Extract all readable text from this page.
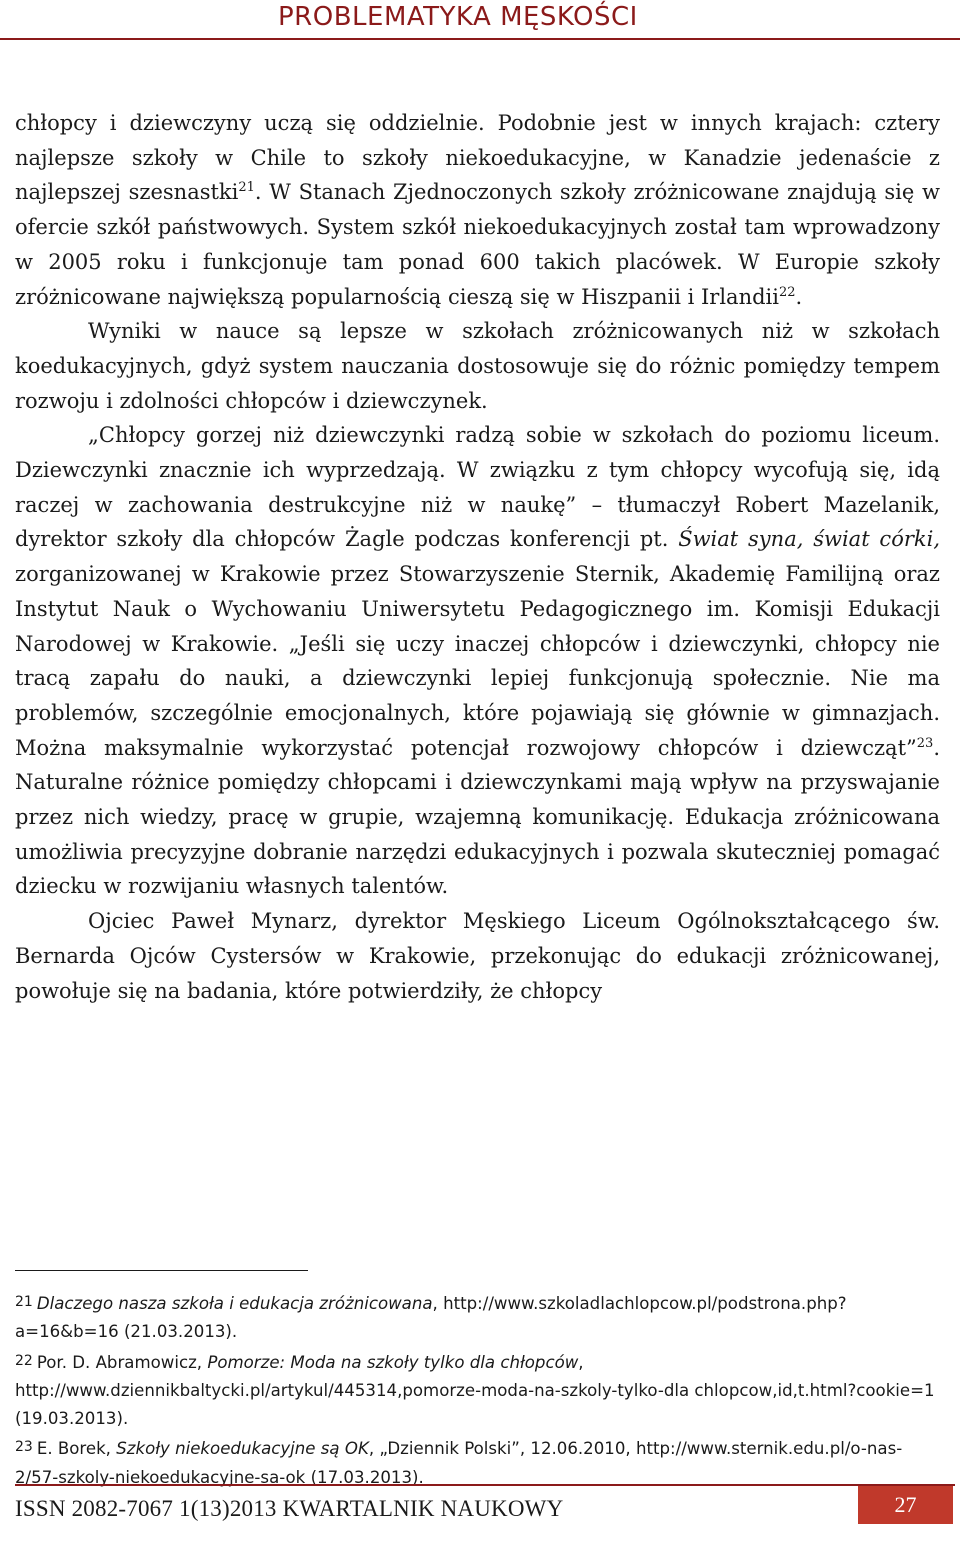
PROBLEMATYKA MĘSKOŚCI

chłopcy i dziewczyny uczą się oddzielnie. Podobnie jest w innych krajach: cztery najlepsze szkoły w Chile to szkoły niekoedukacyjne, w Kanadzie jedenaście z najlepszej szesnastki$^{21}$. W Stanach Zjednoczonych szkoły zróżnicowane znajdują się w ofercie szkół państwowych. System szkół niekoedukacyjnych został tam wprowadzony w 2005 roku i funkcjonuje tam ponad 600 takich placówek. W Europie szkoły zróżnicowane największą popularnością cieszą się w Hiszpanii i Irlandii$^{22}$.

Wyniki w nauce są lepsze w szkołach zróżnicowanych niż w szkołach koedukacyjnych, gdyż system nauczania dostosowuje się do różnic pomiędzy tempem rozwoju i zdolności chłopców i dziewczynek.

„Chłopcy gorzej niż dziewczynki radzą sobie w szkołach do poziomu liceum. Dziewczynki znacznie ich wyprzedzają. W związku z tym chłopcy wycofują się, idą raczej w zachowania destrukcyjne niż w naukę” – tłumaczył Robert Mazelanik, dyrektor szkoły dla chłopców Żagle podczas konferencji pt. Świat syna, świat córki, zorganizowanej w Krakowie przez Stowarzyszenie Sternik, Akademię Familijną oraz Instytut Nauk o Wychowaniu Uniwersytetu Pedagogicznego im. Komisji Edukacji Narodowej w Krakowie. „Jeśli się uczy inaczej chłopców i dziewczynki, chłopcy nie tracą zapału do nauki, a dziewczynki lepiej funkcjonują społecznie. Nie ma problemów, szczególnie emocjonalnych, które pojawiają się głównie w gimnazjach. Można maksymalnie wykorzystać potencjał rozwojowy chłopców i dziewcząt”$^{23}$. Naturalne różnice pomiędzy chłopcami i dziewczynkami mają wpływ na przyswajanie przez nich wiedzy, pracę w grupie, wzajemną komunikację. Edukacja zróżnicowana umożliwia precyzyjne dobranie narzędzi edukacyjnych i pozwala skuteczniej pomagać dziecku w rozwijaniu własnych talentów.

Ojciec Paweł Mynarz, dyrektor Męskiego Liceum Ogólnokształcącego św. Bernarda Ojców Cystersów w Krakowie, przekonując do edukacji zróżnicowanej, powołuje się na badania, które potwierdziły, że chłopcy

21 Dlaczego nasza szkoła i edukacja zróżnicowana, http://www.szkoladlachlopcow.pl/podstrona.php?a=16&b=16 (21.03.2013).

22 Por. D. Abramowicz, Pomorze: Moda na szkoły tylko dla chłopców, http://www.dziennikbaltycki.pl/artykul/445314,pomorze-moda-na-szkoly-tylko-dla chlopcow,id,t.html?cookie=1 (19.03.2013).

23 E. Borek, Szkoły niekoedukacyjne są OK, „Dziennik Polski”, 12.06.2010, http://www.sternik.edu.pl/o-nas-2/57-szkoly-niekoedukacyjne-sa-ok (17.03.2013).

ISSN 2082-7067 1(13)2013 KWARTALNIK NAUKOWY	27
